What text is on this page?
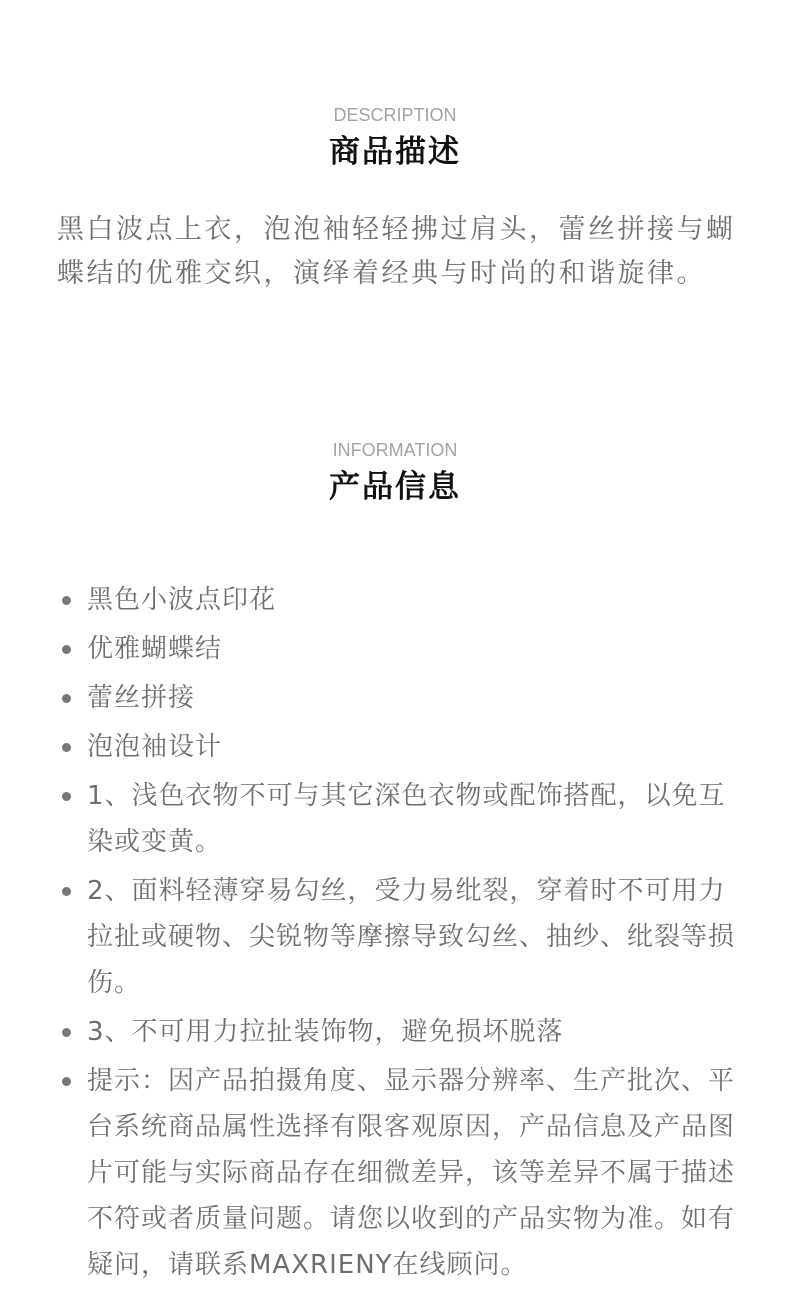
DESCRIPTION
商品描述

黑白波点上衣，泡泡袖轻轻拂过肩头，蕾丝拼接与蝴蝶结的优雅交织，演绎着经典与时尚的和谐旋律。

INFORMATION
产品信息
黑色小波点印花
优雅蝴蝶结
蕾丝拼接
泡泡袖设计
1、浅色衣物不可与其它深色衣物或配饰搭配，以免互染或变黄。
2、面料轻薄穿易勾丝，受力易纰裂，穿着时不可用力拉扯或硬物、尖锐物等摩擦导致勾丝、抽纱、纰裂等损伤。
3、不可用力拉扯装饰物，避免损坏脱落
提示：因产品拍摄角度、显示器分辨率、生产批次、平台系统商品属性选择有限客观原因，产品信息及产品图片可能与实际商品存在细微差异，该等差异不属于描述不符或者质量问题。请您以收到的产品实物为准。如有疑问，请联系MAXRIENY在线顾问。
